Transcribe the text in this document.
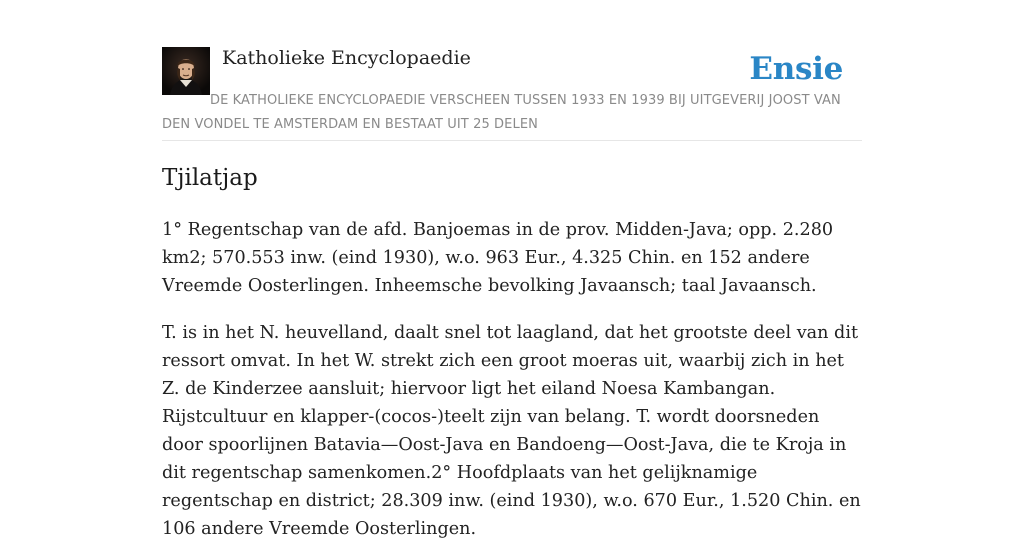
Katholieke Encyclopaedie	Ensie
DE KATHOLIEKE ENCYCLOPAEDIE VERSCHEEN TUSSEN 1933 EN 1939 BIJ UITGEVERIJ JOOST VAN DEN VONDEL TE AMSTERDAM EN BESTAAT UIT 25 DELEN
Tjilatjap

1° Regentschap van de afd. Banjoemas in de prov. Midden-Java; opp. 2.280 km2; 570.553 inw. (eind 1930), w.o. 963 Eur., 4.325 Chin. en 152 andere Vreemde Oosterlingen. Inheemsche bevolking Javaansch; taal Javaansch.

T. is in het N. heuvelland, daalt snel tot laagland, dat het grootste deel van dit ressort omvat. In het W. strekt zich een groot moeras uit, waarbij zich in het Z. de Kinderzee aansluit; hiervoor ligt het eiland Noesa Kambangan. Rijstcultuur en klapper-(cocos-)teelt zijn van belang. T. wordt doorsneden door spoorlijnen Batavia—Oost-Java en Bandoeng—Oost-Java, die te Kroja in dit regentschap samenkomen.2° Hoofdplaats van het gelijknamige regentschap en district; 28.309 inw. (eind 1930), w.o. 670 Eur., 1.520 Chin. en 106 andere Vreemde Oosterlingen.
